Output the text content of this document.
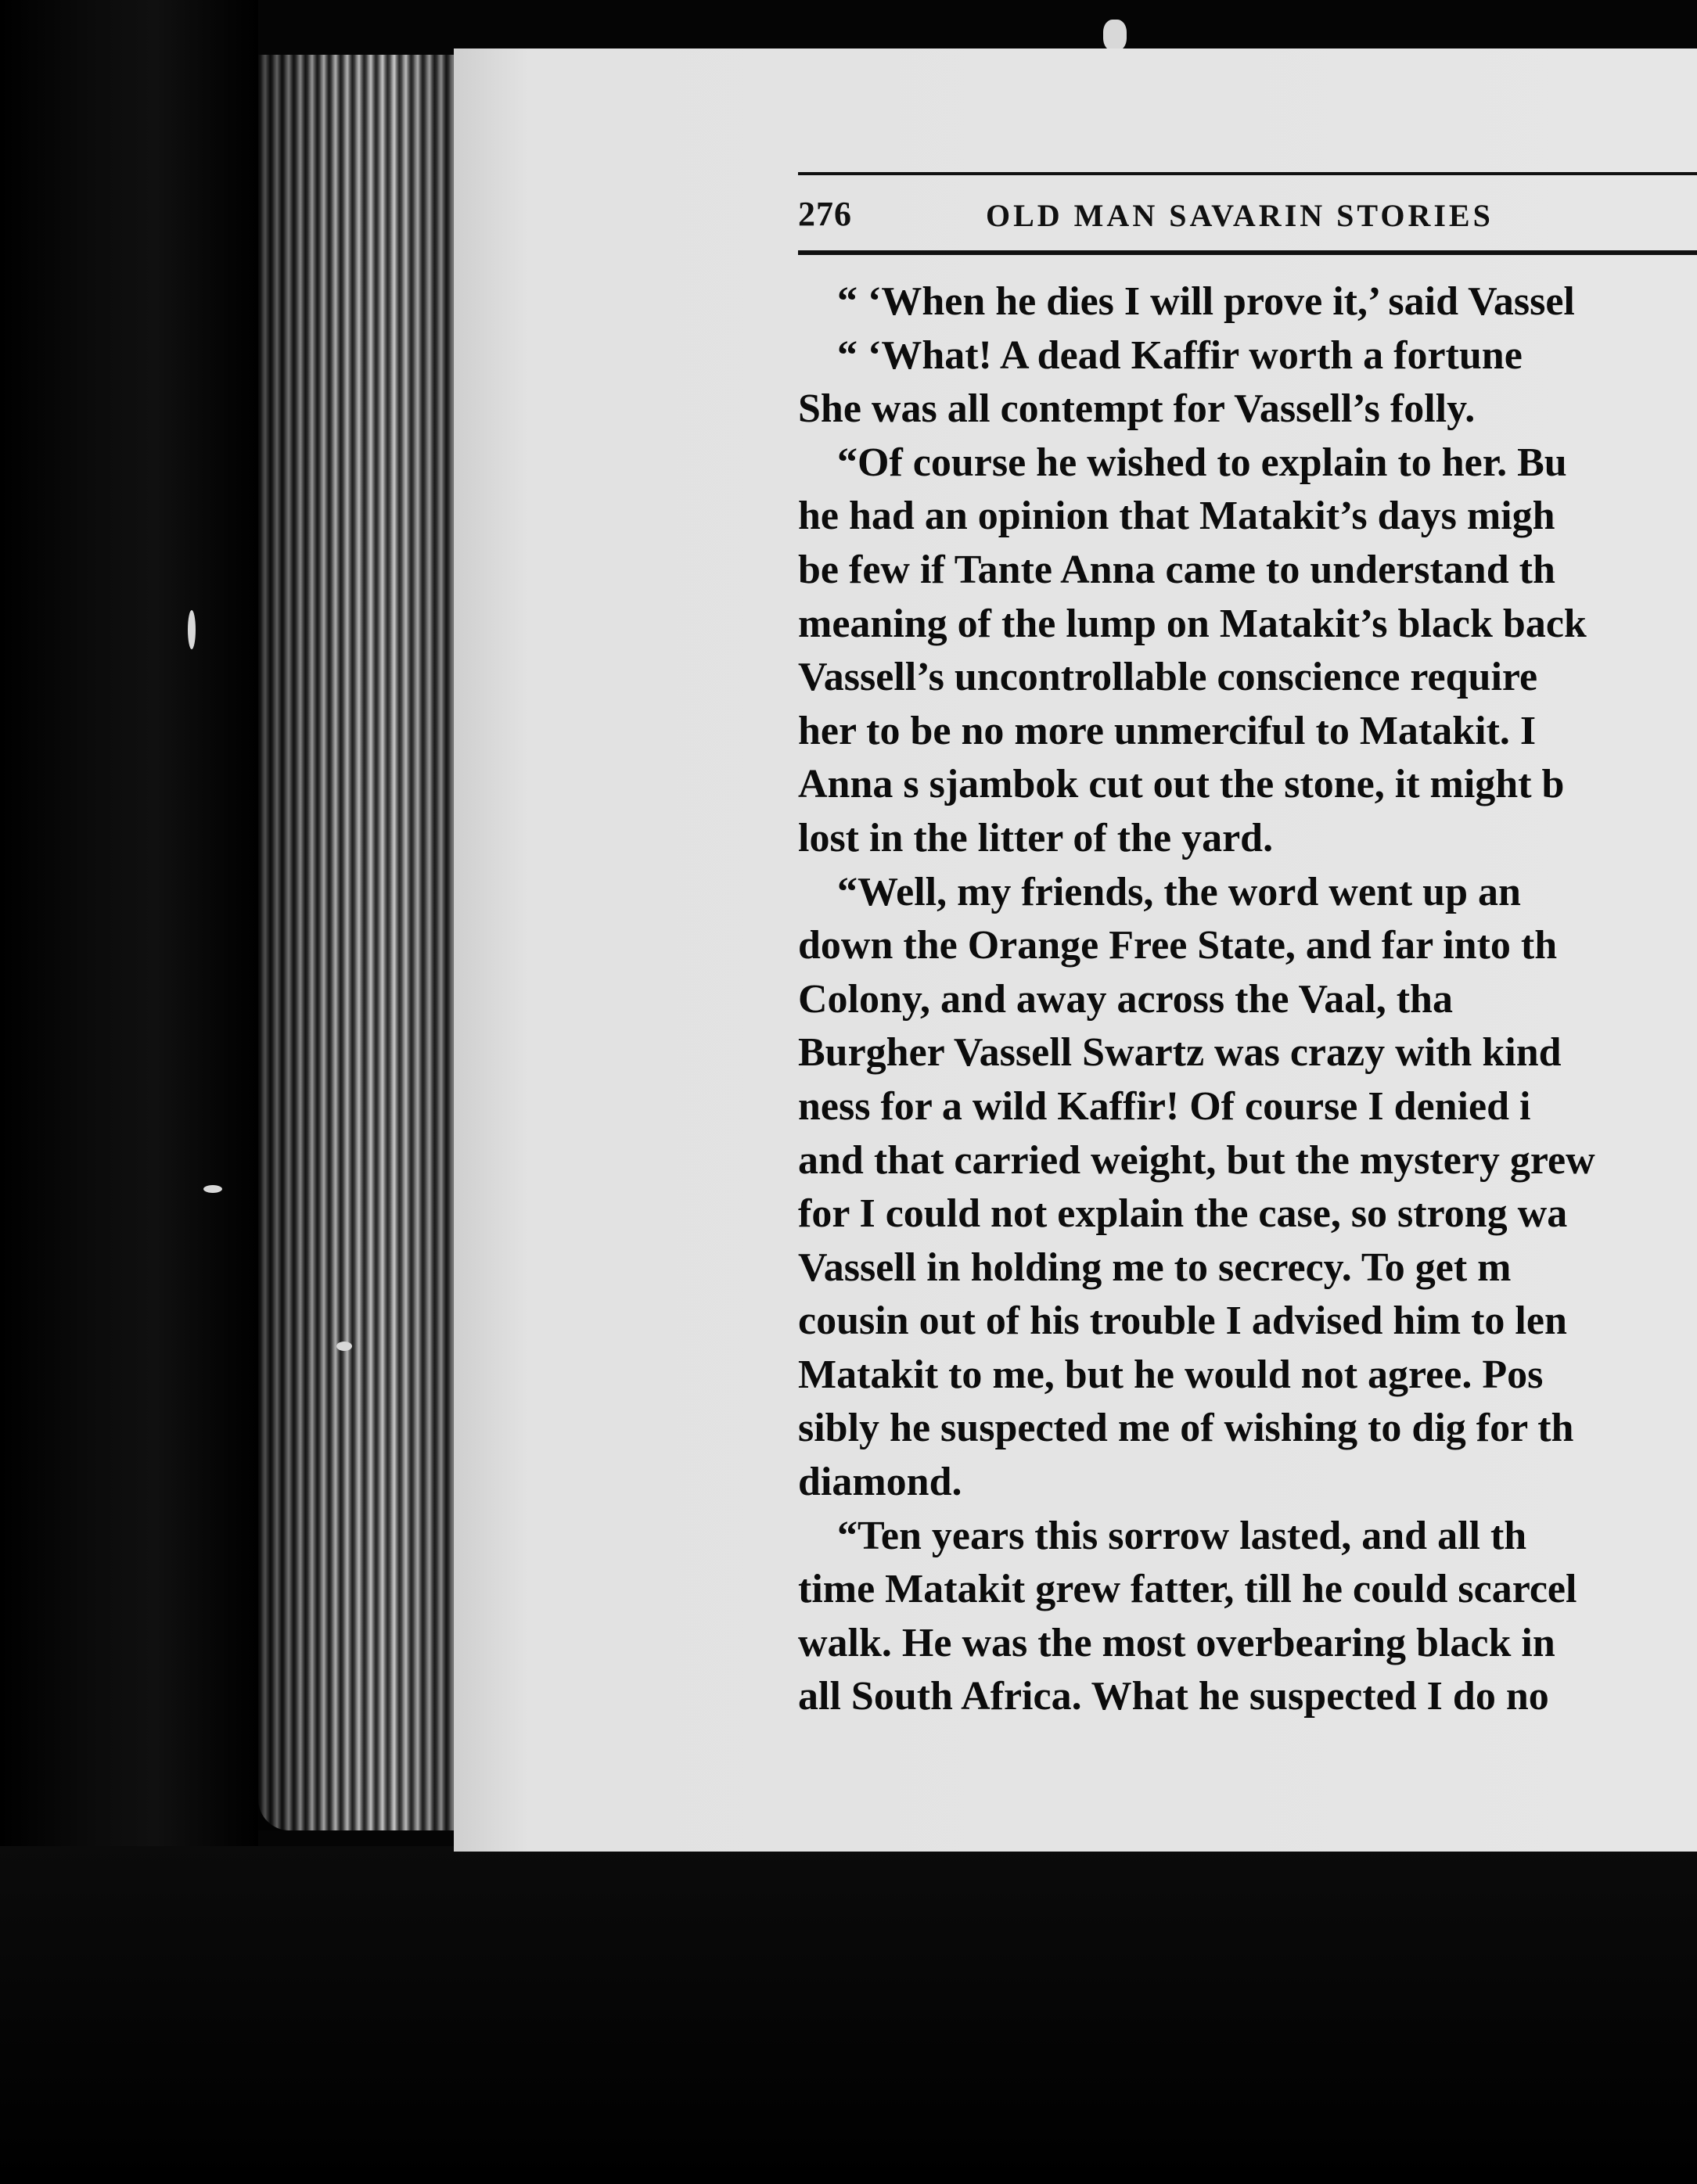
276	OLD MAN SAVARIN STORIES
“ ‘When he dies I will prove it,’ said Vassel
“ ‘What! A dead Kaffir worth a fortune
She was all contempt for Vassell’s folly.
“Of course he wished to explain to her. Bu
he had an opinion that Matakit’s days migh
be few if Tante Anna came to understand th
meaning of the lump on Matakit’s black back
Vassell’s uncontrollable conscience require
her to be no more unmerciful to Matakit. I
Anna s sjambok cut out the stone, it might b
lost in the litter of the yard.
“Well, my friends, the word went up an
down the Orange Free State, and far into th
Colony, and away across the Vaal, tha
Burgher Vassell Swartz was crazy with kind
ness for a wild Kaffir! Of course I denied i
and that carried weight, but the mystery grew
for I could not explain the case, so strong wa
Vassell in holding me to secrecy. To get m
cousin out of his trouble I advised him to len
Matakit to me, but he would not agree. Pos
sibly he suspected me of wishing to dig for th
diamond.
“Ten years this sorrow lasted, and all th
time Matakit grew fatter, till he could scarcel
walk. He was the most overbearing black in
all South Africa. What he suspected I do no
